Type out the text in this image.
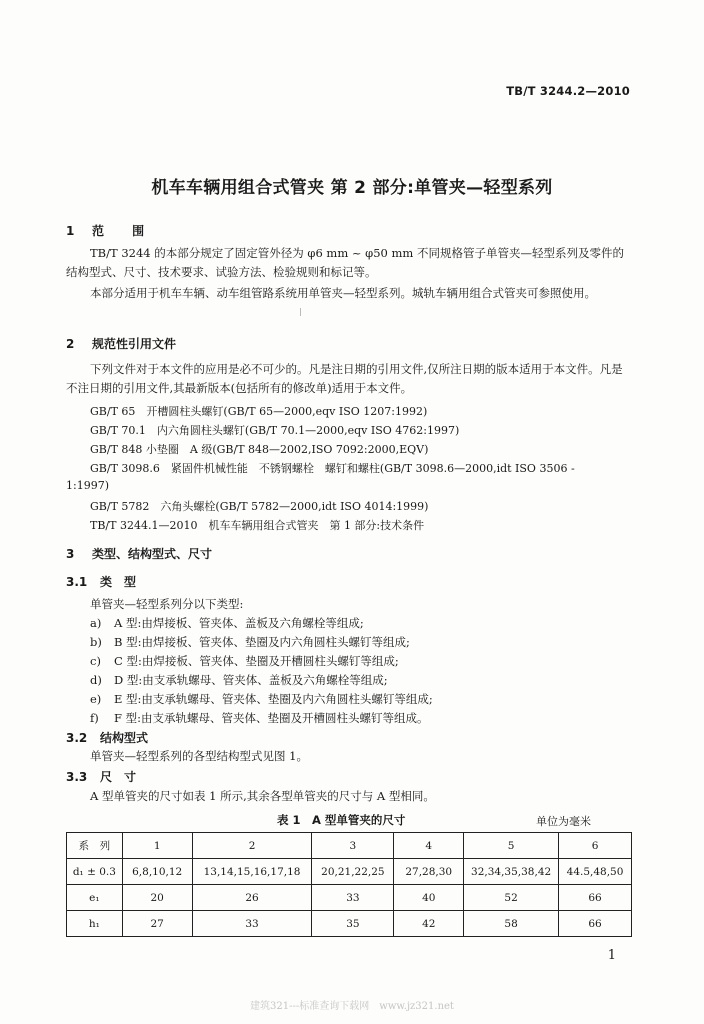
TB/T 3244.2—2010
机车车辆用组合式管夹 第 2 部分:单管夹—轻型系列
1 范 围
TB/T 3244 的本部分规定了固定管外径为 φ6 mm ~ φ50 mm 不同规格管子单管夹—轻型系列及零件的结构型式、尺寸、技术要求、试验方法、检验规则和标记等。
本部分适用于机车车辆、动车组管路系统用单管夹—轻型系列。城轨车辆用组合式管夹可参照使用。
2 规范性引用文件
下列文件对于本文件的应用是必不可少的。凡是注日期的引用文件,仅所注日期的版本适用于本文件。凡是不注日期的引用文件,其最新版本(包括所有的修改单)适用于本文件。
GB/T 65　开槽圆柱头螺钉(GB/T 65—2000,eqv ISO 1207:1992)
GB/T 70.1　内六角圆柱头螺钉(GB/T 70.1—2000,eqv ISO 4762:1997)
GB/T 848 小垫圈　A 级(GB/T 848—2002,ISO 7092:2000,EQV)
GB/T 3098.6　紧固件机械性能　不锈钢螺栓　螺钉和螺柱(GB/T 3098.6—2000,idt ISO 3506 -
1:1997)
GB/T 5782　六角头螺栓(GB/T 5782—2000,idt ISO 4014:1999)
TB/T 3244.1—2010　机车车辆用组合式管夹　第 1 部分:技术条件
3 类型、结构型式、尺寸
3.1 类　型
单管夹—轻型系列分以下类型:
a) A 型:由焊接板、管夹体、盖板及六角螺栓等组成;
b) B 型:由焊接板、管夹体、垫圈及内六角圆柱头螺钉等组成;
c) C 型:由焊接板、管夹体、垫圈及开槽圆柱头螺钉等组成;
d) D 型:由支承轨螺母、管夹体、盖板及六角螺栓等组成;
e) E 型:由支承轨螺母、管夹体、垫圈及内六角圆柱头螺钉等组成;
f) F 型:由支承轨螺母、管夹体、垫圈及开槽圆柱头螺钉等组成。
3.2 结构型式
单管夹—轻型系列的各型结构型式见图 1。
3.3 尺　寸
A 型单管夹的尺寸如表 1 所示,其余各型单管夹的尺寸与 A 型相同。
表 1　A 型单管夹的尺寸	单位为毫米
系　列	1	2	3	4	5	6
d₁ ± 0.3	6,8,10,12	13,14,15,16,17,18	20,21,22,25	27,28,30	32,34,35,38,42	44.5,48,50
e₁	20	26	33	40	52	66
h₁	27	33	35	42	58	66
1
建筑321---标准查询下载网　www.jz321.net
